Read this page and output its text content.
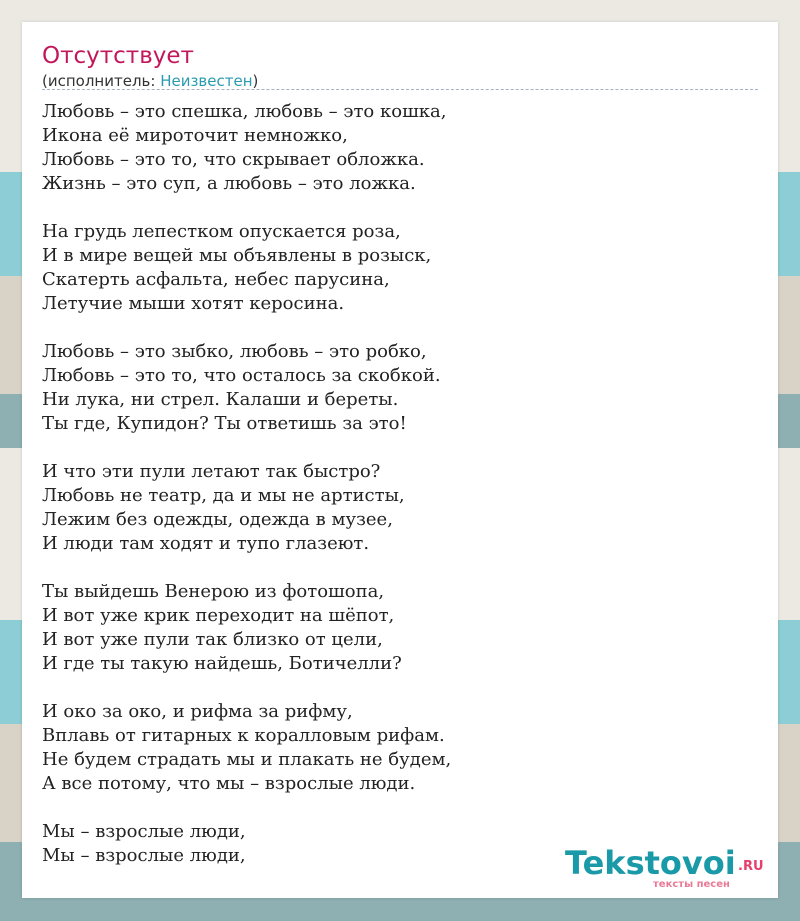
Отсутствует
(исполнитель: Неизвестен)
Любовь – это спешка, любовь – это кошка,
Икона её мироточит немножко,
Любовь – это то, что скрывает обложка.
Жизнь – это суп, а любовь – это ложка.
На грудь лепестком опускается роза,
И в мире вещей мы объявлены в розыск,
Скатерть асфальта, небес парусина,
Летучие мыши хотят керосина.
Любовь – это зыбко, любовь – это робко,
Любовь – это то, что осталось за скобкой.
Ни лука, ни стрел. Калаши и береты.
Ты где, Купидон? Ты ответишь за это!
И что эти пули летают так быстро?
Любовь не театр, да и мы не артисты,
Лежим без одежды, одежда в музее,
И люди там ходят и тупо глазеют.
Ты выйдешь Венерою из фотошопа,
И вот уже крик переходит на шёпот,
И вот уже пули так близко от цели,
И где ты такую найдешь, Ботичелли?
И око за око, и рифма за рифму,
Вплавь от гитарных к коралловым рифам.
Не будем страдать мы и плакать не будем,
А все потому, что мы – взрослые люди.
Мы – взрослые люди,
Мы – взрослые люди,	Tekstovoi .RU
тексты песен
